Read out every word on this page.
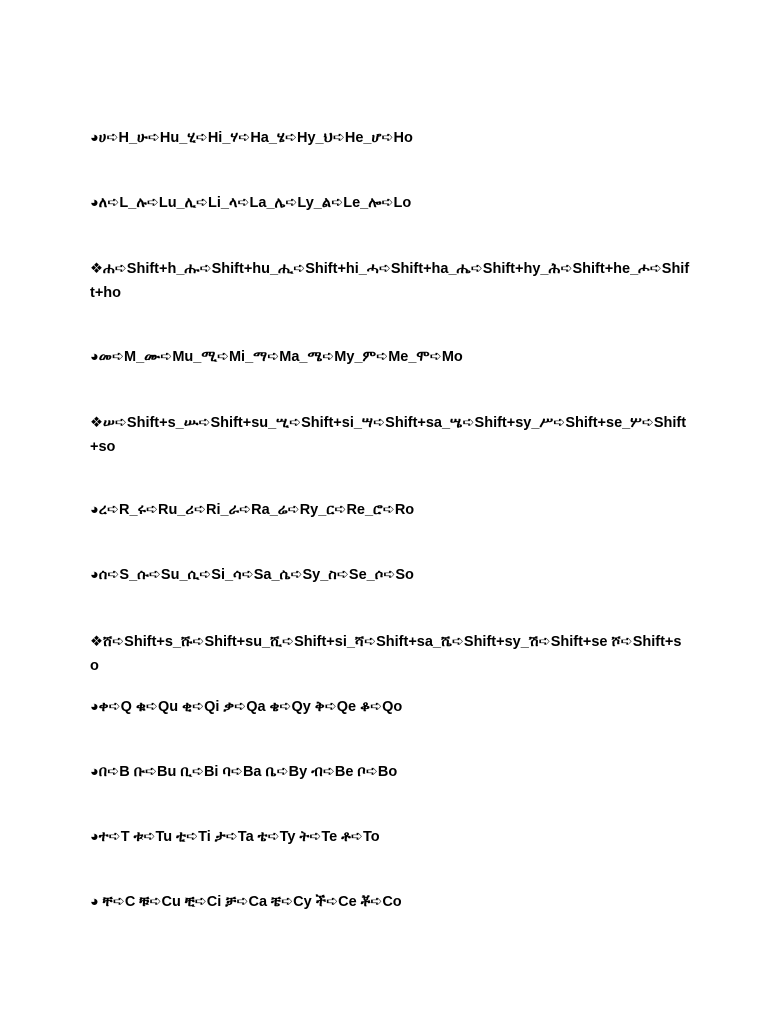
◕ሀ➪H_ሁ➪Hu_ሂ➪Hi_ሃ➪Ha_ሄ➪Hy_ህ➪He_ሆ➪Ho
◕ለ➪L_ሉ➪Lu_ሊ➪Li_ላ➪La_ሌ➪Ly_ል➪Le_ሎ➪Lo
❖ሐ➪Shift+h_ሑ➪Shift+hu_ሒ➪Shift+hi_ሓ➪Shift+ha_ሔ➪Shift+hy_ሕ➪Shift+he_ሖ➪Shift+ho
◕መ➪M_ሙ➪Mu_ሚ➪Mi_ማ➪Ma_ሜ➪My_ም➪Me_ሞ➪Mo
❖ሠ➪Shift+s_ሡ➪Shift+su_ሢ➪Shift+si_ሣ➪Shift+sa_ሤ➪Shift+sy_ሥ➪Shift+se_ሦ➪Shift+so
◕ረ➪R_ሩ➪Ru_ሪ➪Ri_ራ➪Ra_ሬ➪Ry_ር➪Re_ሮ➪Ro
◕ሰ➪S_ሱ➪Su_ሲ➪Si_ሳ➪Sa_ሴ➪Sy_ስ➪Se_ሶ➪So
❖ሸ➪Shift+s_ሹ➪Shift+su_ሺ➪Shift+si_ሻ➪Shift+sa_ሼ➪Shift+sy_ሽ➪Shift+se ሾ➪Shift+so
◕ቀ➪Q ቁ➪Qu ቂ➪Qi ቃ➪Qa ቄ➪Qy ቅ➪Qe ቆ➪Qo
◕በ➪B ቡ➪Bu ቢ➪Bi ባ➪Ba ቤ➪By ብ➪Be ቦ➪Bo
◕ተ➪T ቱ➪Tu ቲ➪Ti ታ➪Ta ቴ➪Ty ት➪Te ቶ➪To
◕ ቸ➪C ቹ➪Cu ቺ➪Ci ቻ➪Ca ቼ➪Cy ች➪Ce ቾ➪Co
